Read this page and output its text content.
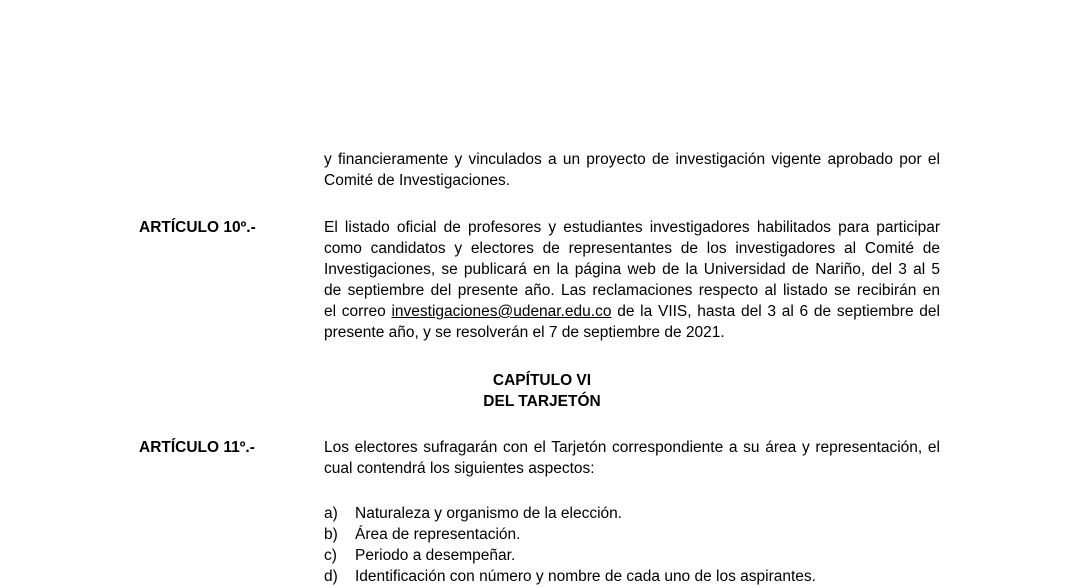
y financieramente y vinculados a un proyecto de investigación vigente aprobado por el
Comité de Investigaciones.
ARTÍCULO 10º.-	El listado oficial de profesores y estudiantes investigadores habilitados para participar
como candidatos y electores de representantes de los investigadores al Comité de
Investigaciones, se publicará en la página web de la Universidad de Nariño, del 3 al 5
de septiembre del presente año. Las reclamaciones respecto al listado se recibirán en
el correo investigaciones@udenar.edu.co de la VIIS, hasta del 3 al 6 de septiembre del
presente año, y se resolverán el 7 de septiembre de 2021.
CAPÍTULO VI
DEL TARJETÓN
ARTÍCULO 11º.-	Los electores sufragarán con el Tarjetón correspondiente a su área y representación, el
cual contendrá los siguientes aspectos:
a) Naturaleza y organismo de la elección.
b) Área de representación.
c) Periodo a desempeñar.
d) Identificación con número y nombre de cada uno de los aspirantes.
